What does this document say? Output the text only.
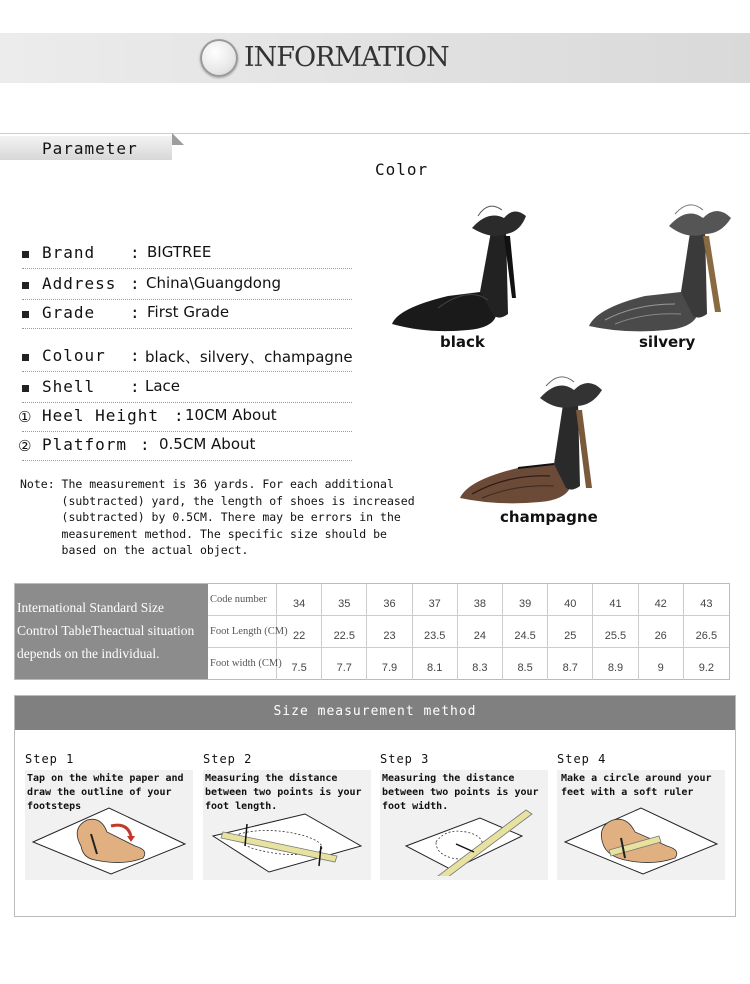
INFORMATION
Parameter
Color
Brand : BIGTREE
Address : China\Guangdong
Grade : First Grade
Colour : black、silvery、champagne
Shell : Lace
① Heel Height : 10CM About
② Platform : 0.5CM About
black	silvery
champagne
Note: The measurement is 36 yards. For each additional
(subtracted) yard, the length of shoes is increased
(subtracted) by 0.5CM. There may be errors in the
measurement method. The specific size should be
based on the actual object.
International Standard Size
Control TableTheactual situation
depends on the individual.
Code number	34	35	36	37	38	39	40	41	42	43
Foot Length (CM) 22	22.5	23	23.5	24	24.5	25	25.5	26	26.5
Foot width (CM) 7.5	7.7	7.9	8.1	8.3	8.5	8.7	8.9	9	9.2
Size measurement method
Step 1
Tap on the white paper and draw the outline of your footsteps
Step 2
Measuring the distance between two points is your foot length.
Step 3
Measuring the distance between two points is your foot width.
Step 4
Make a circle around your feet with a soft ruler
